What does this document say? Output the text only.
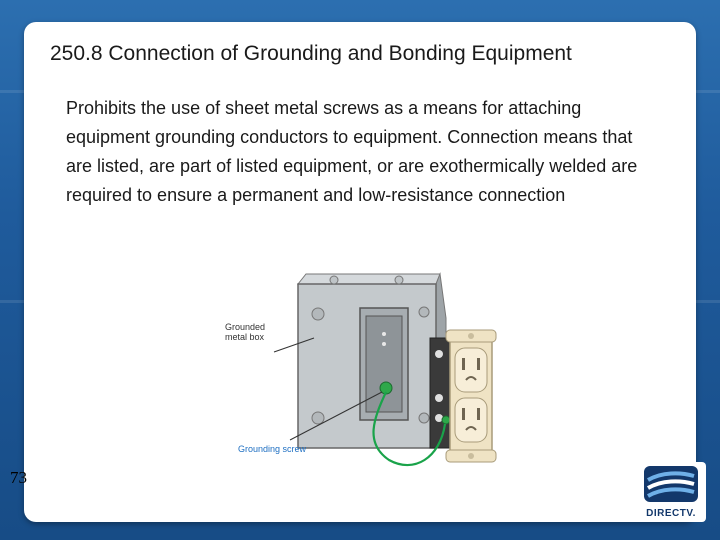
250.8 Connection of Grounding and Bonding Equipment
Prohibits the use of sheet metal screws as a means for attaching equipment grounding conductors to equipment. Connection means that are listed, are part of listed equipment, or are exothermically welded are required to ensure a permanent and low-resistance connection
Grounded
metal box
Grounding screw
73
DIRECTV.
